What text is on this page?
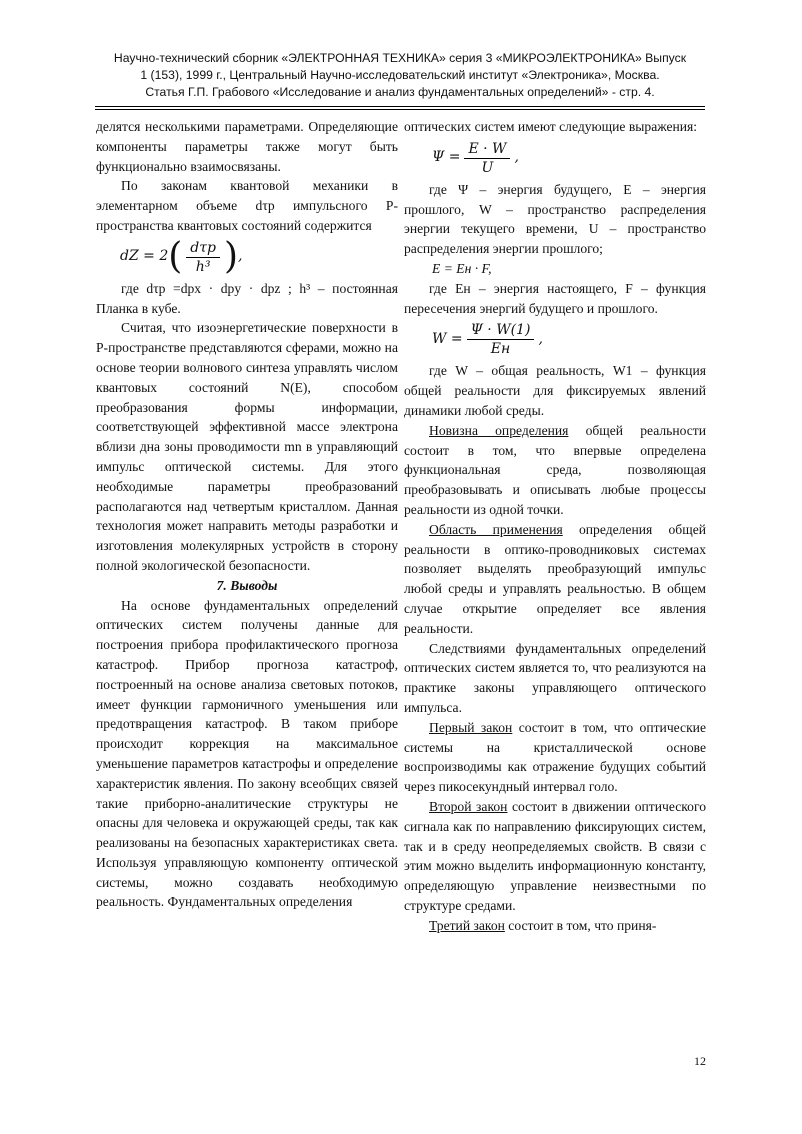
Научно-технический сборник «ЭЛЕКТРОННАЯ ТЕХНИКА» серия 3 «МИКРОЭЛЕКТРОНИКА» Выпуск
1 (153), 1999 г., Центральный Научно-исследовательский институт «Электроника», Москва.
Статья Г.П. Грабового «Исследование и анализ фундаментальных определений» - стр. 4.

делятся несколькими параметрами. Определяющие компоненты параметры также могут быть функционально взаимосвязаны.

По законам квантовой механики в элементарном объеме dτp импульсного P-пространства квантовых состояний содержится

dZ = 2 ( $\frac{\text{dτp}}{\text{h³}}$ ) ,

где dτp =dpx · dpy · dpz ; h³ – постоянная Планка в кубе.

Считая, что изоэнергетические поверхности в P-пространстве представляются сферами, можно на основе теории волнового синтеза управлять числом квантовых состояний N(E), способом преобразования формы информации, соответствующей эффективной массе электрона вблизи дна зоны проводимости mn в управляющий импульс оптической системы. Для этого необходимые параметры преобразований располагаются над четвертым кристаллом. Данная технология может направить методы разработки и изготовления молекулярных устройств в сторону полной экологической безопасности.

7. Выводы

На основе фундаментальных определений оптических систем получены данные для построения прибора профилактического прогноза катастроф. Прибор прогноза катастроф, построенный на основе анализа световых потоков, имеет функции гармоничного уменьшения или предотвращения катастроф. В таком приборе происходит коррекция на максимальное уменьшение параметров катастрофы и определение характеристик явления. По закону всеобщих связей такие приборно-аналитические структуры не опасны для человека и окружающей среды, так как реализованы на безопасных характеристиках света. Используя управляющую компоненту оптической системы, можно создавать необходимую реальность. Фундаментальных определения

оптических систем имеют следующие выражения:

$\Psi = \frac{E \cdot W}{U}$ ,

где Ψ – энергия будущего, E – энергия прошлого, W – пространство распределения энергии текущего времени, U – пространство распределения энергии прошлого;

E = Eн · F,

где Eн – энергия настоящего, F – функция пересечения энергий будущего и прошлого.

$W = \frac{\Psi \cdot W(1)}{Eн}$ ,

где W – общая реальность, W1 – функция общей реальности для фиксируемых явлений динамики любой среды.

Новизна определения общей реальности состоит в том, что впервые определена функциональная среда, позволяющая преобразовывать и описывать любые процессы реальности из одной точки.

Область применения определения общей реальности в оптико-проводниковых системах позволяет выделять преобразующий импульс любой среды и управлять реальностью. В общем случае открытие определяет все явления реальности.

Следствиями фундаментальных определений оптических систем является то, что реализуются на практике законы управляющего оптического импульса.

Первый закон состоит в том, что оптические системы на кристаллической основе воспроизводимы как отражение будущих событий через пикосекундный интервал голо.

Второй закон состоит в движении оптического сигнала как по направлению фиксирующих систем, так и в среду неопределяемых свойств. В связи с этим можно выделить информационную константу, определяющую управление неизвестными по структуре средами.

Третий закон состоит в том, что приня-

12
